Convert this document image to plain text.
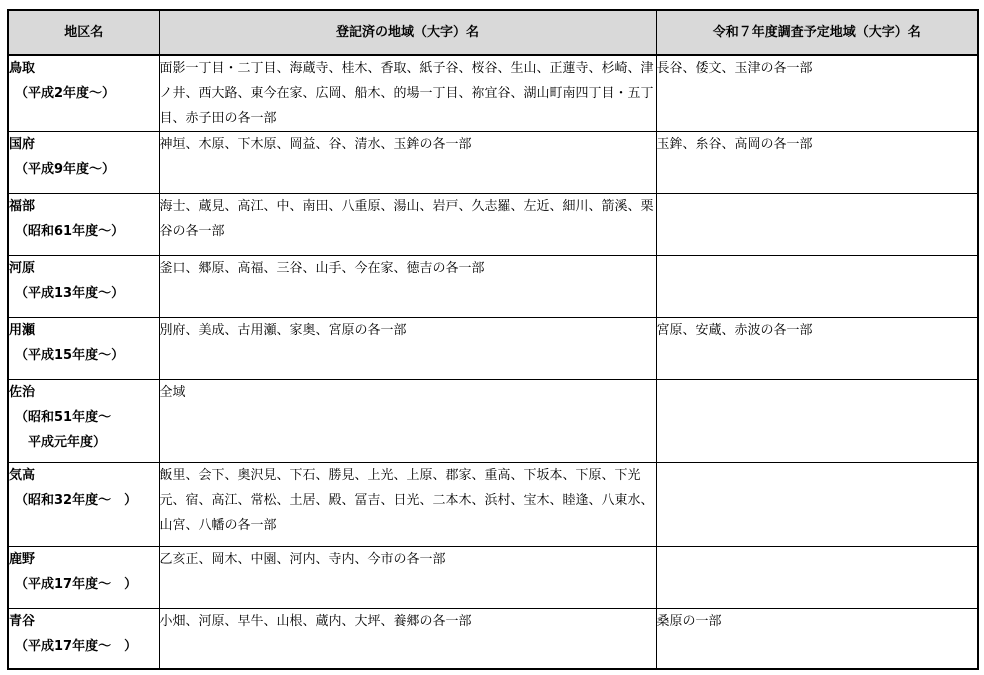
地区名	登記済の地域（大字）名	令和７年度調査予定地域（大字）名

鳥取
（平成2年度～）	面影一丁目・二丁目、海蔵寺、桂木、香取、紙子谷、桜谷、生山、正蓮寺、杉崎、津ノ井、西大路、東今在家、広岡、船木、的場一丁目、祢宜谷、湖山町南四丁目・五丁目、赤子田の各一部	長谷、倭文、玉津の各一部

国府
（平成9年度～）	神垣、木原、下木原、岡益、谷、清水、玉鉾の各一部	玉鉾、糸谷、高岡の各一部

福部
（昭和61年度～）	海士、蔵見、高江、中、南田、八重原、湯山、岩戸、久志羅、左近、細川、箭溪、栗谷の各一部	

河原
（平成13年度～）	釜口、郷原、高福、三谷、山手、今在家、徳吉の各一部	

用瀬
（平成15年度～）	別府、美成、古用瀬、家奥、宮原の各一部	宮原、安蔵、赤波の各一部

佐治
（昭和51年度～
　平成元年度）	全域	

気高
（昭和32年度～　）	飯里、会下、奥沢見、下石、勝見、上光、上原、郡家、重高、下坂本、下原、下光元、宿、高江、常松、土居、殿、冨吉、日光、二本木、浜村、宝木、睦逢、八東水、山宮、八幡の各一部	

鹿野
（平成17年度～　）	乙亥正、岡木、中園、河内、寺内、今市の各一部	

青谷
（平成17年度～　）	小畑、河原、早牛、山根、蔵内、大坪、養郷の各一部	桑原の一部
